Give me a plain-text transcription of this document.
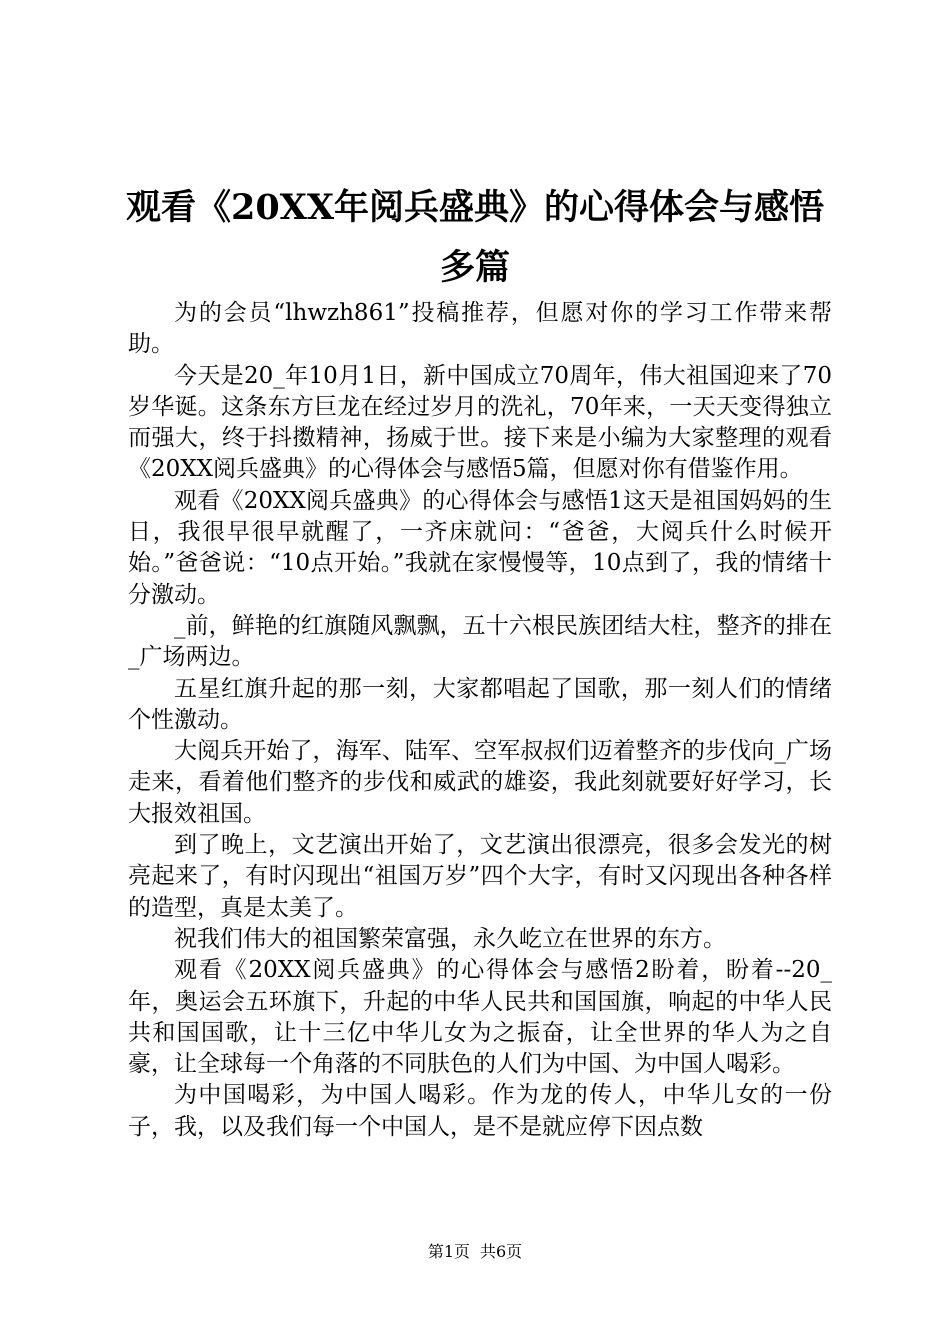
观看《20XX年阅兵盛典》的心得体会与感悟
多篇

为的会员“lhwzh861”投稿推荐，但愿对你的学习工作带来帮助。

今天是20_年10月1日，新中国成立70周年，伟大祖国迎来了70岁华诞。这条东方巨龙在经过岁月的洗礼，70年来，一天天变得独立而强大，终于抖擞精神，扬威于世。接下来是小编为大家整理的观看《20XX阅兵盛典》的心得体会与感悟5篇，但愿对你有借鉴作用。

观看《20XX阅兵盛典》的心得体会与感悟1这天是祖国妈妈的生日，我很早很早就醒了，一齐床就问：“爸爸，大阅兵什么时候开始。”爸爸说：“10点开始。”我就在家慢慢等，10点到了，我的情绪十分激动。

_前，鲜艳的红旗随风飘飘，五十六根民族团结大柱，整齐的排在_广场两边。

五星红旗升起的那一刻，大家都唱起了国歌，那一刻人们的情绪个性激动。

大阅兵开始了，海军、陆军、空军叔叔们迈着整齐的步伐向_广场走来，看着他们整齐的步伐和威武的雄姿，我此刻就要好好学习，长大报效祖国。

到了晚上，文艺演出开始了，文艺演出很漂亮，很多会发光的树亮起来了，有时闪现出“祖国万岁”四个大字，有时又闪现出各种各样的造型，真是太美了。

祝我们伟大的祖国繁荣富强，永久屹立在世界的东方。

观看《20XX阅兵盛典》的心得体会与感悟2盼着，盼着--20_年，奥运会五环旗下，升起的中华人民共和国国旗，响起的中华人民共和国国歌，让十三亿中华儿女为之振奋，让全世界的华人为之自豪，让全球每一个角落的不同肤色的人们为中国、为中国人喝彩。

为中国喝彩，为中国人喝彩。作为龙的传人，中华儿女的一份子，我，以及我们每一个中国人，是不是就应停下因点数

第1页 共6页
